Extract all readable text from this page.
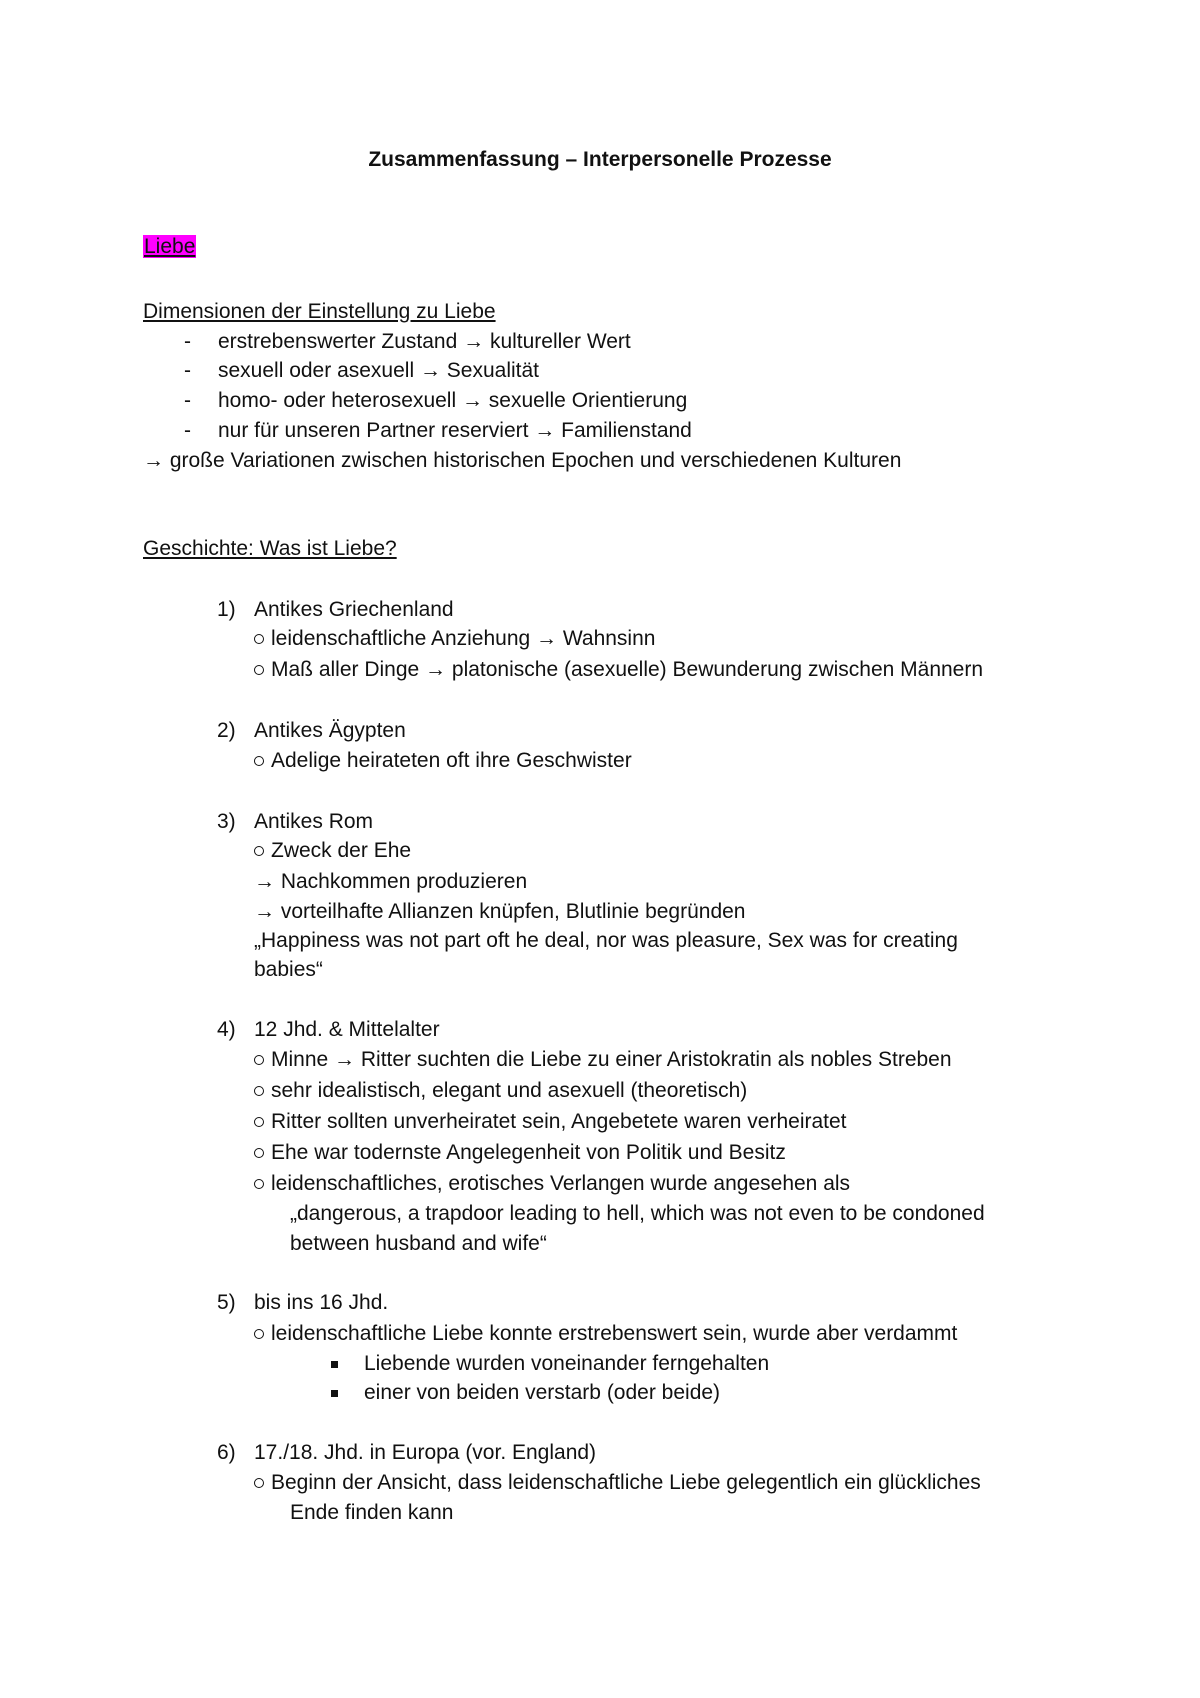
Zusammenfassung – Interpersonelle Prozesse
Liebe
Dimensionen der Einstellung zu Liebe
- erstrebenswerter Zustand → kultureller Wert
- sexuell oder asexuell → Sexualität
- homo- oder heterosexuell → sexuelle Orientierung
- nur für unseren Partner reserviert → Familienstand
→ große Variationen zwischen historischen Epochen und verschiedenen Kulturen
Geschichte: Was ist Liebe?
1) Antikes Griechenland
leidenschaftliche Anziehung → Wahnsinn
Maß aller Dinge → platonische (asexuelle) Bewunderung zwischen Männern
2) Antikes Ägypten
Adelige heirateten oft ihre Geschwister
3) Antikes Rom
Zweck der Ehe
→ Nachkommen produzieren
→ vorteilhafte Allianzen knüpfen, Blutlinie begründen
„Happiness was not part oft he deal, nor was pleasure, Sex was for creating
babies“
4) 12 Jhd. & Mittelalter
Minne → Ritter suchten die Liebe zu einer Aristokratin als nobles Streben
sehr idealistisch, elegant und asexuell (theoretisch)
Ritter sollten unverheiratet sein, Angebetete waren verheiratet
Ehe war todernste Angelegenheit von Politik und Besitz
leidenschaftliches, erotisches Verlangen wurde angesehen als
„dangerous, a trapdoor leading to hell, which was not even to be condoned
between husband and wife“
5) bis ins 16 Jhd.
leidenschaftliche Liebe konnte erstrebenswert sein, wurde aber verdammt
Liebende wurden voneinander ferngehalten
einer von beiden verstarb (oder beide)
6) 17./18. Jhd. in Europa (vor. England)
Beginn der Ansicht, dass leidenschaftliche Liebe gelegentlich ein glückliches
Ende finden kann
